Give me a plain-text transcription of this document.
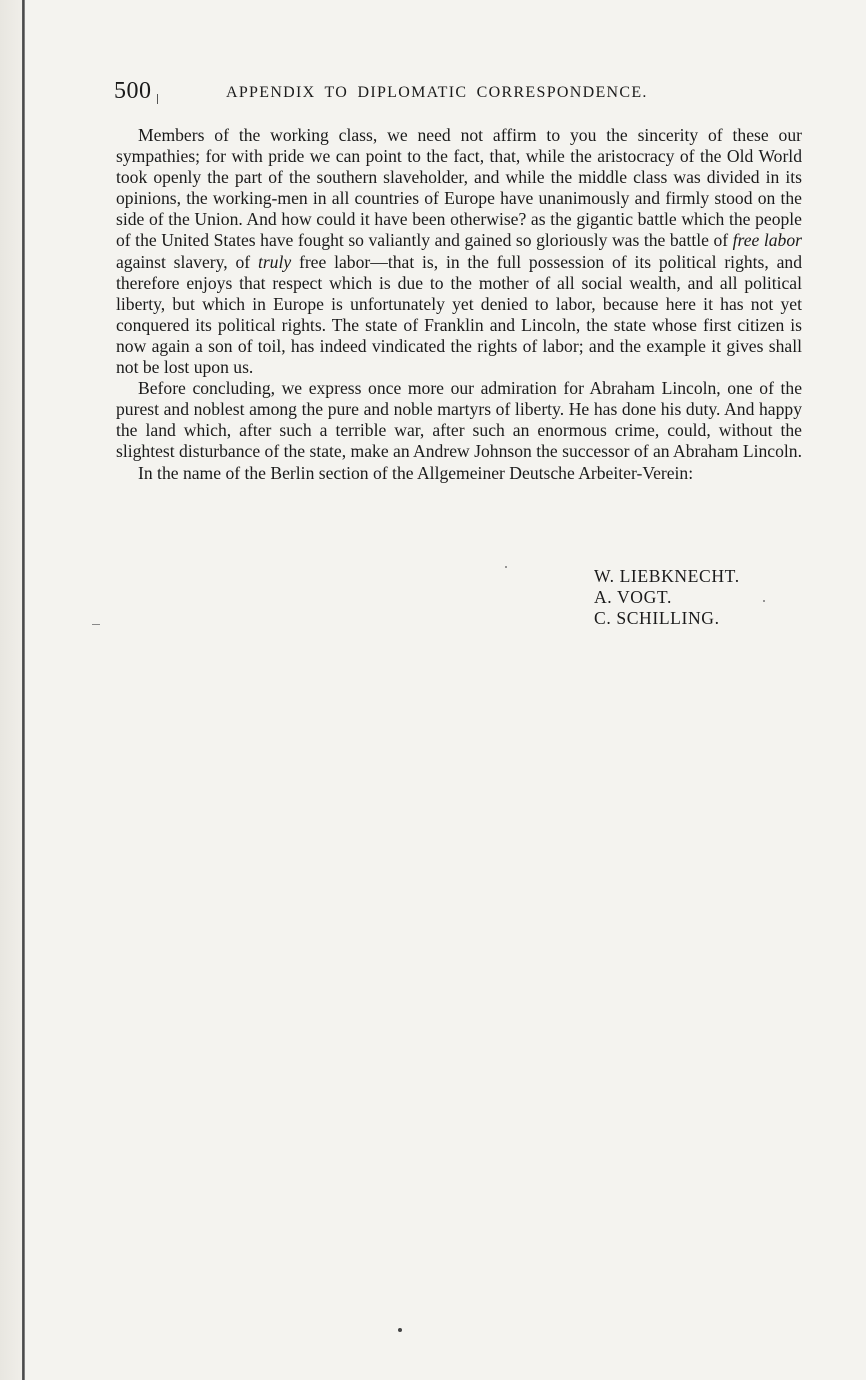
500	APPENDIX TO DIPLOMATIC CORRESPONDENCE.

Members of the working class, we need not affirm to you the sincerity of these our sympathies; for with pride we can point to the fact, that, while the aristocracy of the Old World took openly the part of the southern slaveholder, and while the middle class was divided in its opinions, the working-men in all countries of Europe have unanimously and firmly stood on the side of the Union. And how could it have been otherwise? as the gigantic battle which the people of the United States have fought so valiantly and gained so gloriously was the battle of free labor against slavery, of truly free labor—that is, in the full possession of its political rights, and therefore enjoys that respect which is due to the mother of all social wealth, and all political liberty, but which in Europe is unfortunately yet denied to labor, because here it has not yet conquered its political rights. The state of Franklin and Lincoln, the state whose first citizen is now again a son of toil, has indeed vindicated the rights of labor; and the example it gives shall not be lost upon us.

Before concluding, we express once more our admiration for Abraham Lincoln, one of the purest and noblest among the pure and noble martyrs of liberty. He has done his duty. And happy the land which, after such a terrible war, after such an enormous crime, could, without the slightest disturbance of the state, make an Andrew Johnson the successor of an Abraham Lincoln.

In the name of the Berlin section of the Allgemeiner Deutsche Arbeiter-Verein:

W. LIEBKNECHT.
A. VOGT.
C. SCHILLING.
